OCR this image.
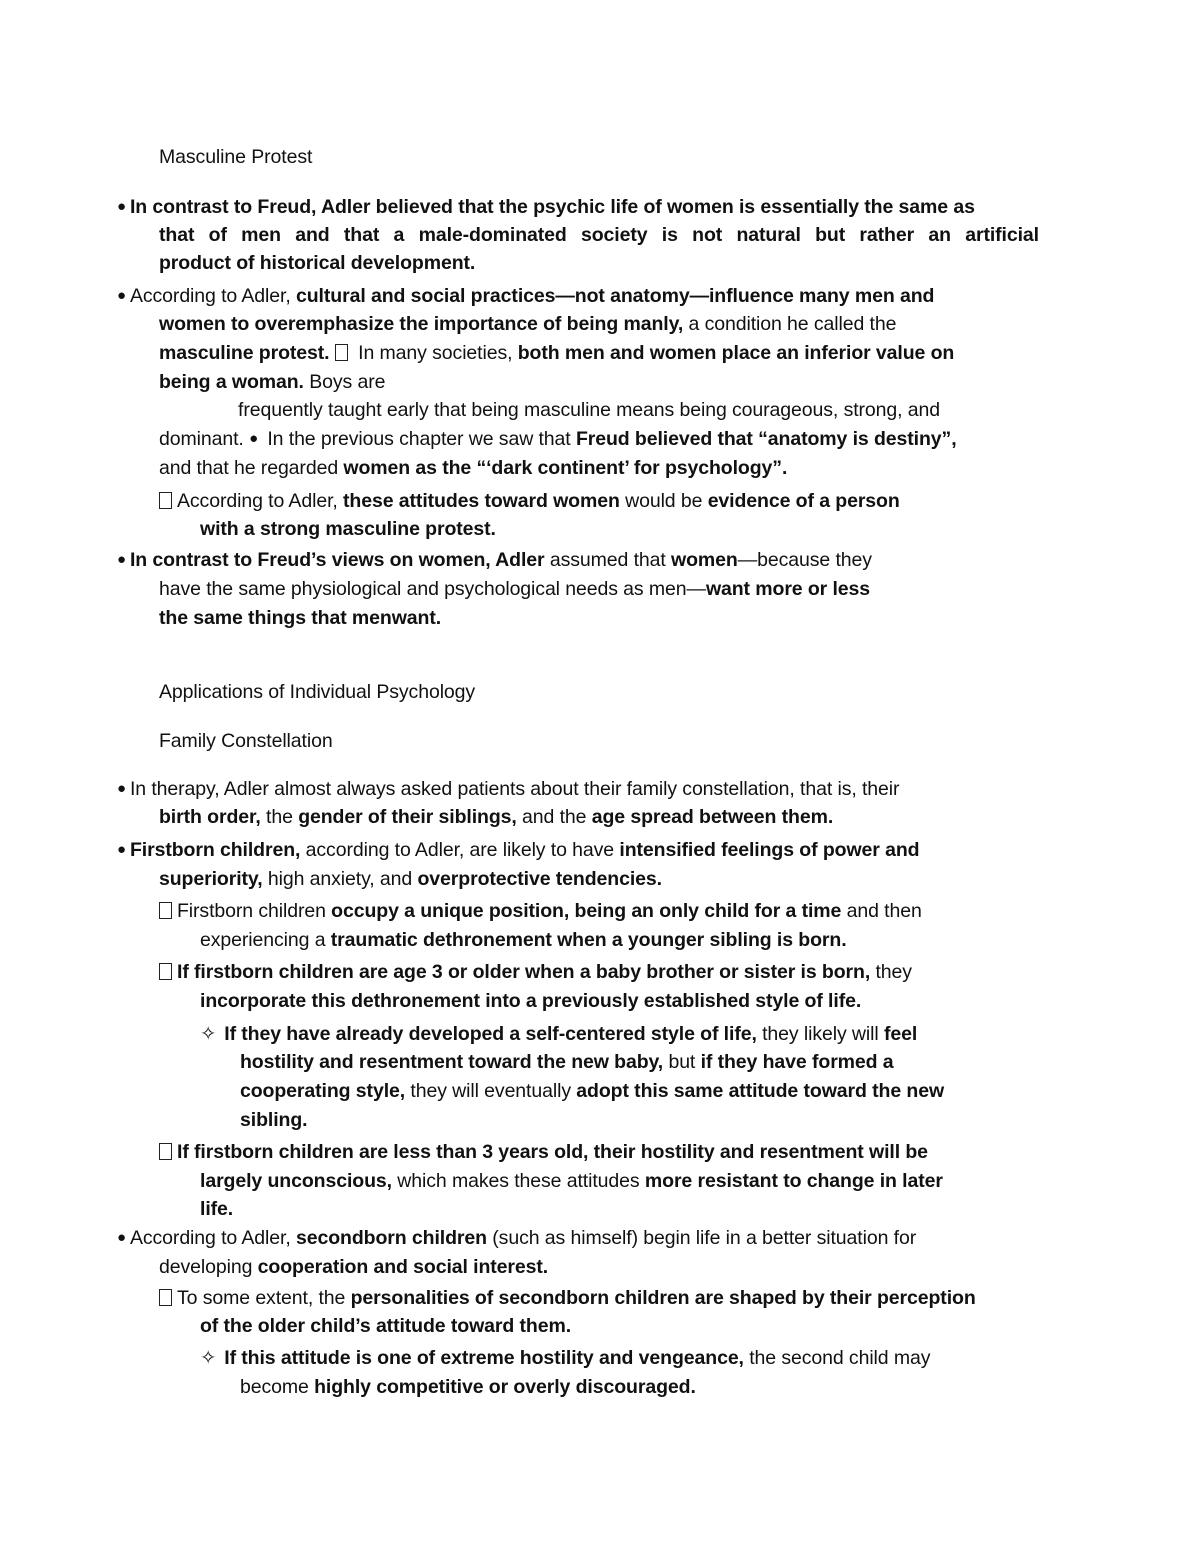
Masculine Protest
● In contrast to Freud, Adler believed that the psychic life of women is essentially the same as
that of men and that a male-dominated society is not natural but rather an artificial
product of historical development.
● According to Adler, cultural and social practices—not anatomy—influence many men and
women to overemphasize the importance of being manly, a condition he called the
masculine protest.  In many societies, both men and women place an inferior value on
being a woman. Boys are
frequently taught early that being masculine means being courageous, strong, and
dominant. ● In the previous chapter we saw that Freud believed that “anatomy is destiny”,
and that he regarded women as the “‘dark continent’ for psychology”.
According to Adler, these attitudes toward women would be evidence of a person
with a strong masculine protest.
● In contrast to Freud’s views on women, Adler assumed that women—because they
have the same physiological and psychological needs as men—want more or less
the same things that menwant.
Applications of Individual Psychology
Family Constellation
● In therapy, Adler almost always asked patients about their family constellation, that is, their
birth order, the gender of their siblings, and the age spread between them.
● Firstborn children, according to Adler, are likely to have intensified feelings of power and
superiority, high anxiety, and overprotective tendencies.
Firstborn children occupy a unique position, being an only child for a time and then
experiencing a traumatic dethronement when a younger sibling is born.
If firstborn children are age 3 or older when a baby brother or sister is born, they
incorporate this dethronement into a previously established style of life.
✧ If they have already developed a self-centered style of life, they likely will feel
hostility and resentment toward the new baby, but if they have formed a
cooperating style, they will eventually adopt this same attitude toward the new
sibling.
If firstborn children are less than 3 years old, their hostility and resentment will be
largely unconscious, which makes these attitudes more resistant to change in later
life.
● According to Adler, secondborn children (such as himself) begin life in a better situation for
developing cooperation and social interest.
To some extent, the personalities of secondborn children are shaped by their perception
of the older child’s attitude toward them.
✧ If this attitude is one of extreme hostility and vengeance, the second child may
become highly competitive or overly discouraged.
